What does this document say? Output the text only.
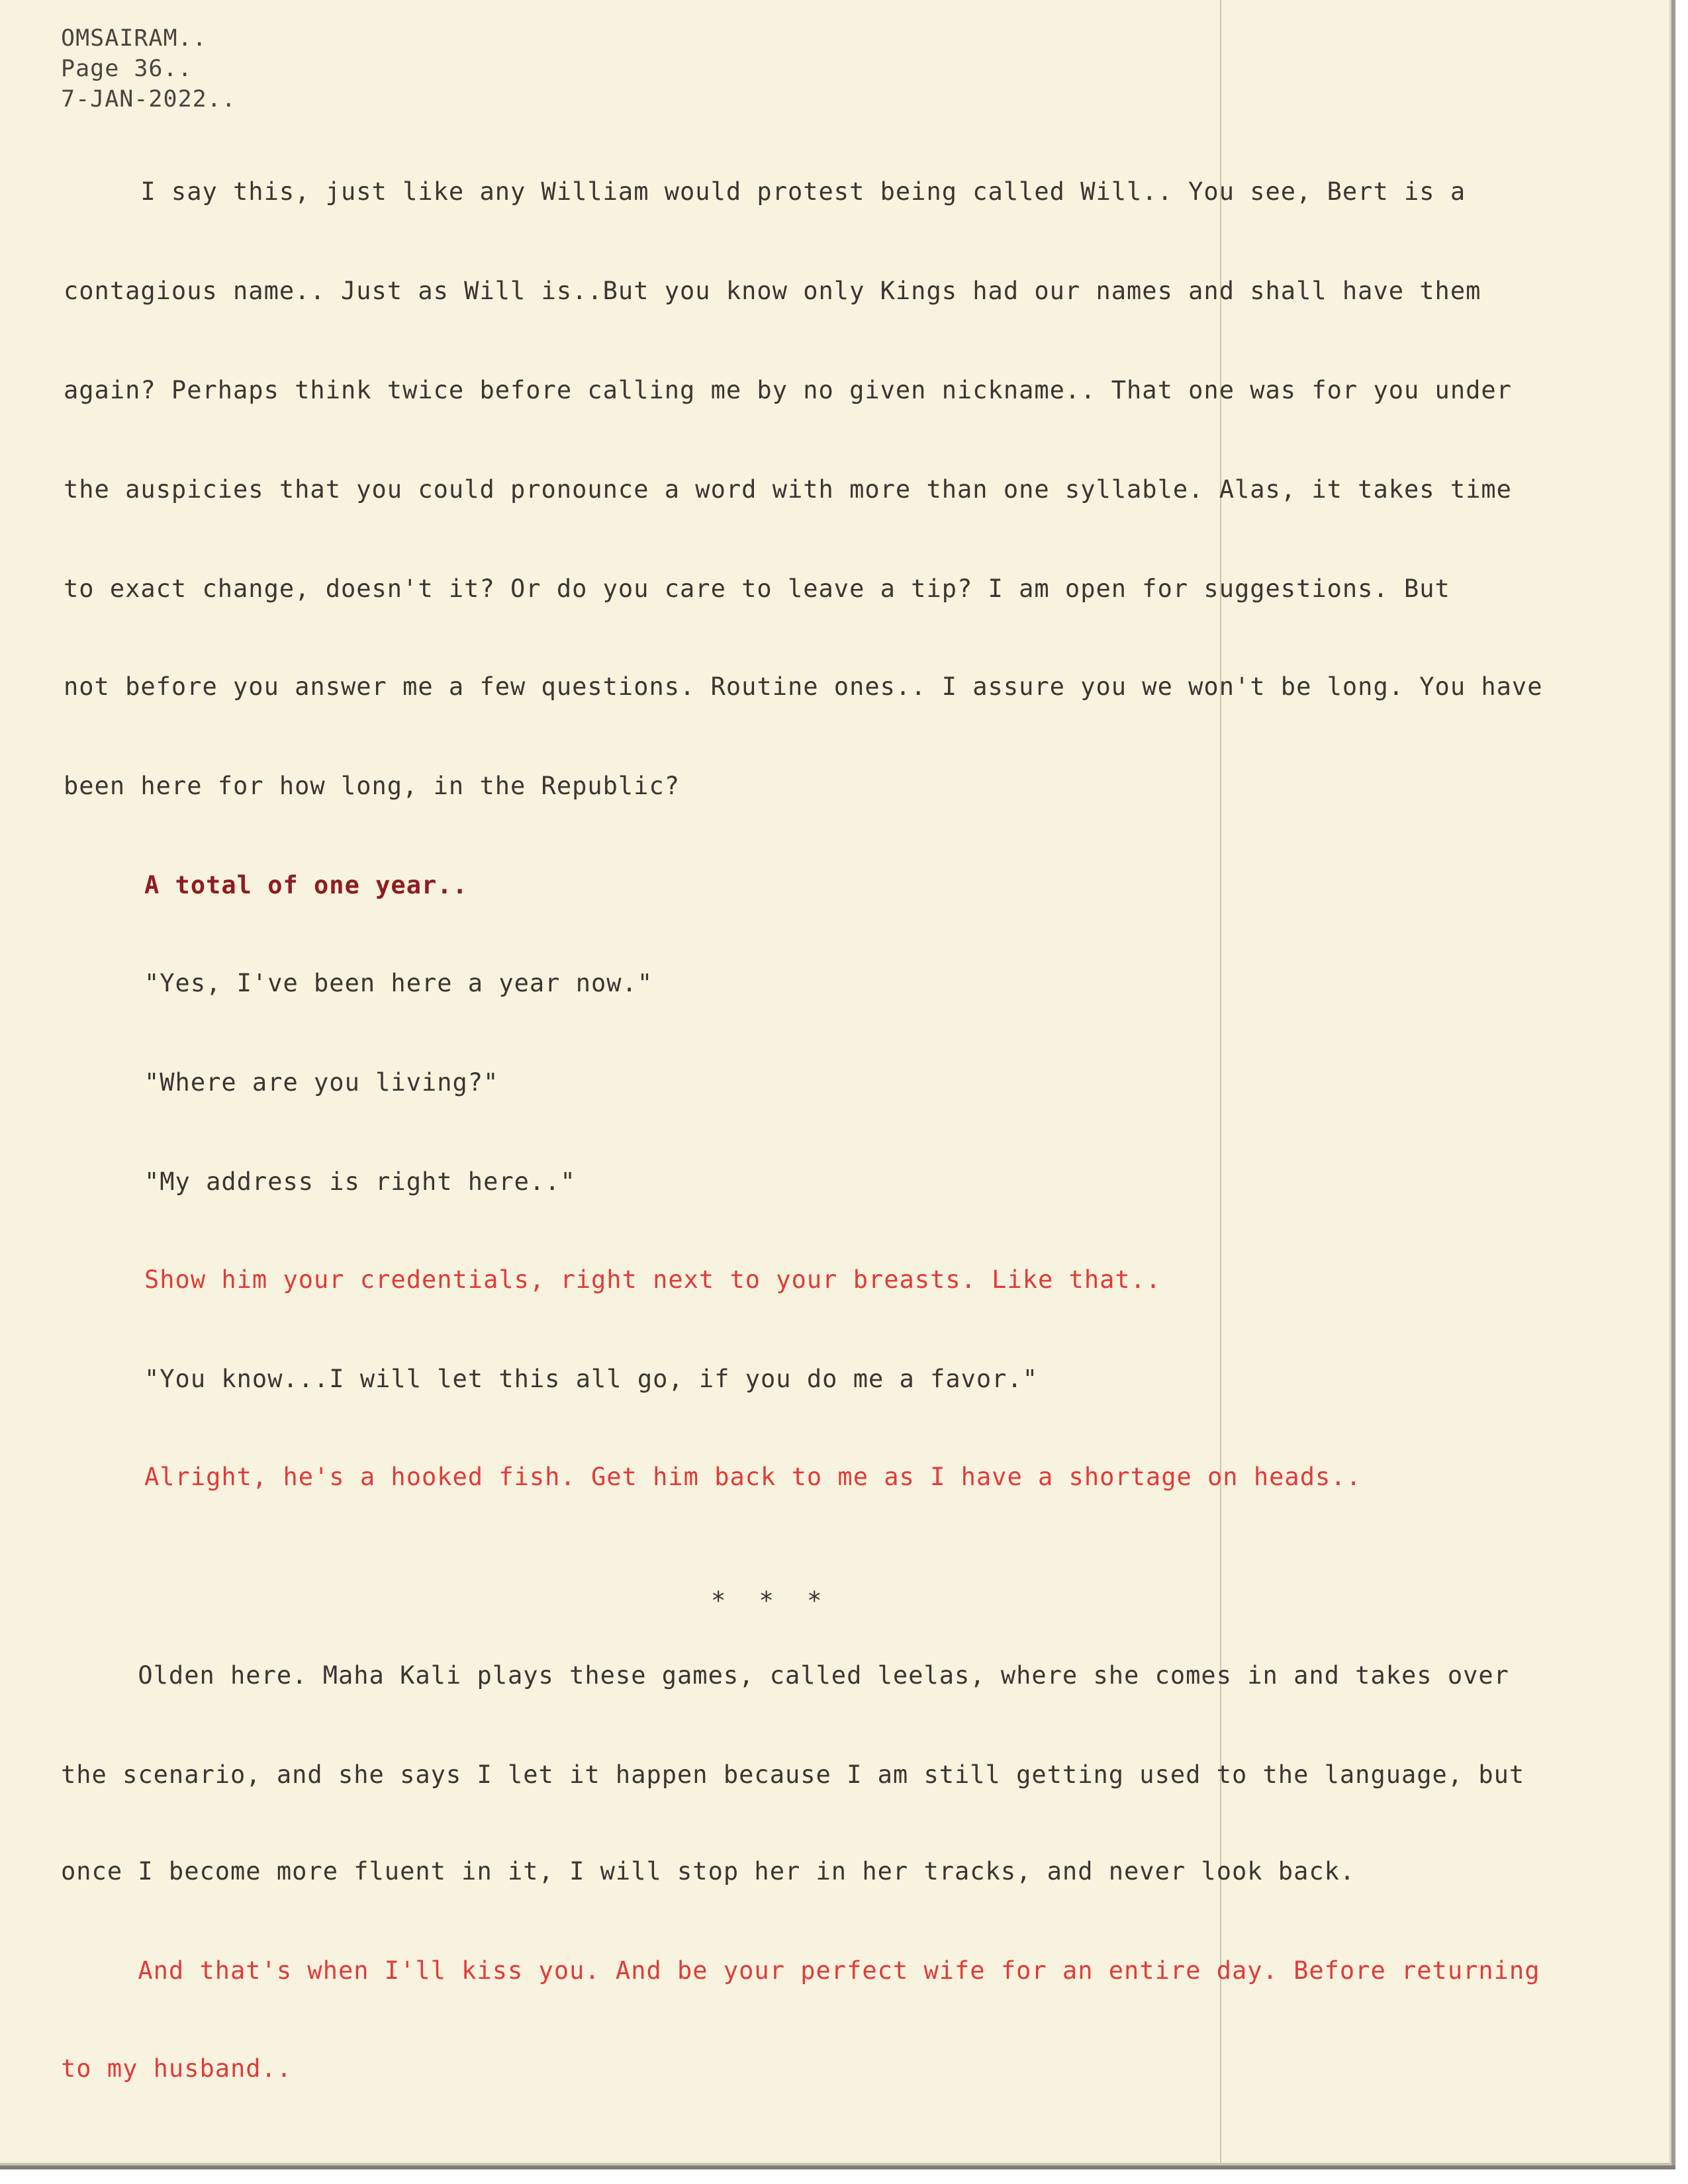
OMSAIRAM..

Page 36..

7-JAN-2022..

I say this, just like any William would protest being called Will.. You see, Bert is a

contagious name.. Just as Will is..But you know only Kings had our names and shall have them

again? Perhaps think twice before calling me by no given nickname.. That one was for you under

the auspicies that you could pronounce a word with more than one syllable. Alas, it takes time

to exact change, doesn't it? Or do you care to leave a tip? I am open for suggestions. But

not before you answer me a few questions. Routine ones.. I assure you we won't be long. You have

been here for how long, in the Republic?

A total of one year..

"Yes, I've been here a year now."

"Where are you living?"

"My address is right here.."

Show him your credentials, right next to your breasts. Like that..

"You know...I will let this all go, if you do me a favor."

Alright, he's a hooked fish. Get him back to me as I have a shortage on heads..

* * *

Olden here. Maha Kali plays these games, called leelas, where she comes in and takes over

the scenario, and she says I let it happen because I am still getting used to the language, but

once I become more fluent in it, I will stop her in her tracks, and never look back.

And that's when I'll kiss you. And be your perfect wife for an entire day. Before returning

to my husband..
